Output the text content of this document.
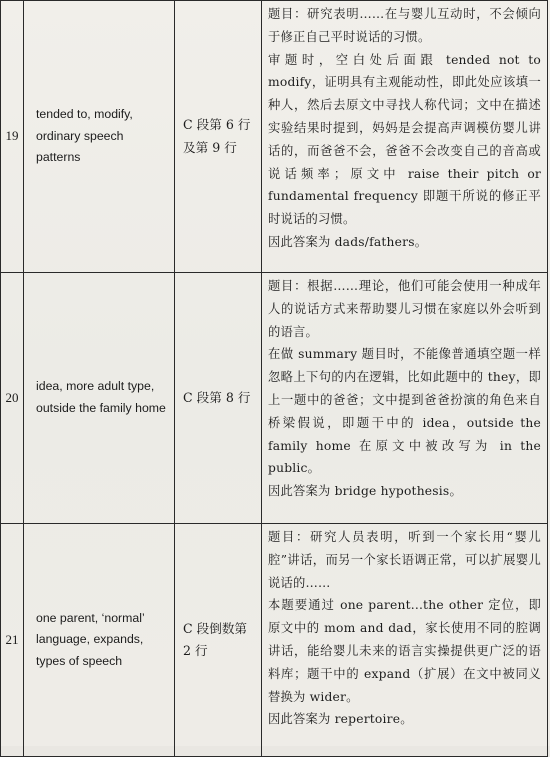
19	tended to, modify, ordinary speech patterns	C 段第 6 行及第 9 行	题目：研究表明……在与婴儿互动时，不会倾向于修正自己平时说话的习惯。

审题时，空白处后面跟 tended not to modify，证明具有主观能动性，即此处应该填一种人，然后去原文中寻找人称代词；文中在描述实验结果时提到，妈妈是会提高声调模仿婴儿讲话的，而爸爸不会，爸爸不会改变自己的音高或说话频率；原文中 raise their pitch or fundamental frequency 即题干所说的修正平时说话的习惯。

因此答案为 dads/fathers。

20	idea, more adult type, outside the family home	C 段第 8 行	题目：根据……理论，他们可能会使用一种成年人的说话方式来帮助婴儿习惯在家庭以外会听到的语言。

在做 summary 题目时，不能像普通填空题一样忽略上下句的内在逻辑，比如此题中的 they，即上一题中的爸爸；文中提到爸爸扮演的角色来自桥梁假说，即题干中的 idea，outside the family home 在原文中被改写为 in the public。

因此答案为 bridge hypothesis。

21	one parent, ‘normal’ language, expands, types of speech	C 段倒数第 2 行	题目：研究人员表明，听到一个家长用“婴儿腔”讲话，而另一个家长语调正常，可以扩展婴儿说话的……

本题要通过 one parent...the other 定位，即原文中的 mom and dad，家长使用不同的腔调讲话，能给婴儿未来的语言实操提供更广泛的语料库；题干中的 expand（扩展）在文中被同义替换为 wider。

因此答案为 repertoire。
